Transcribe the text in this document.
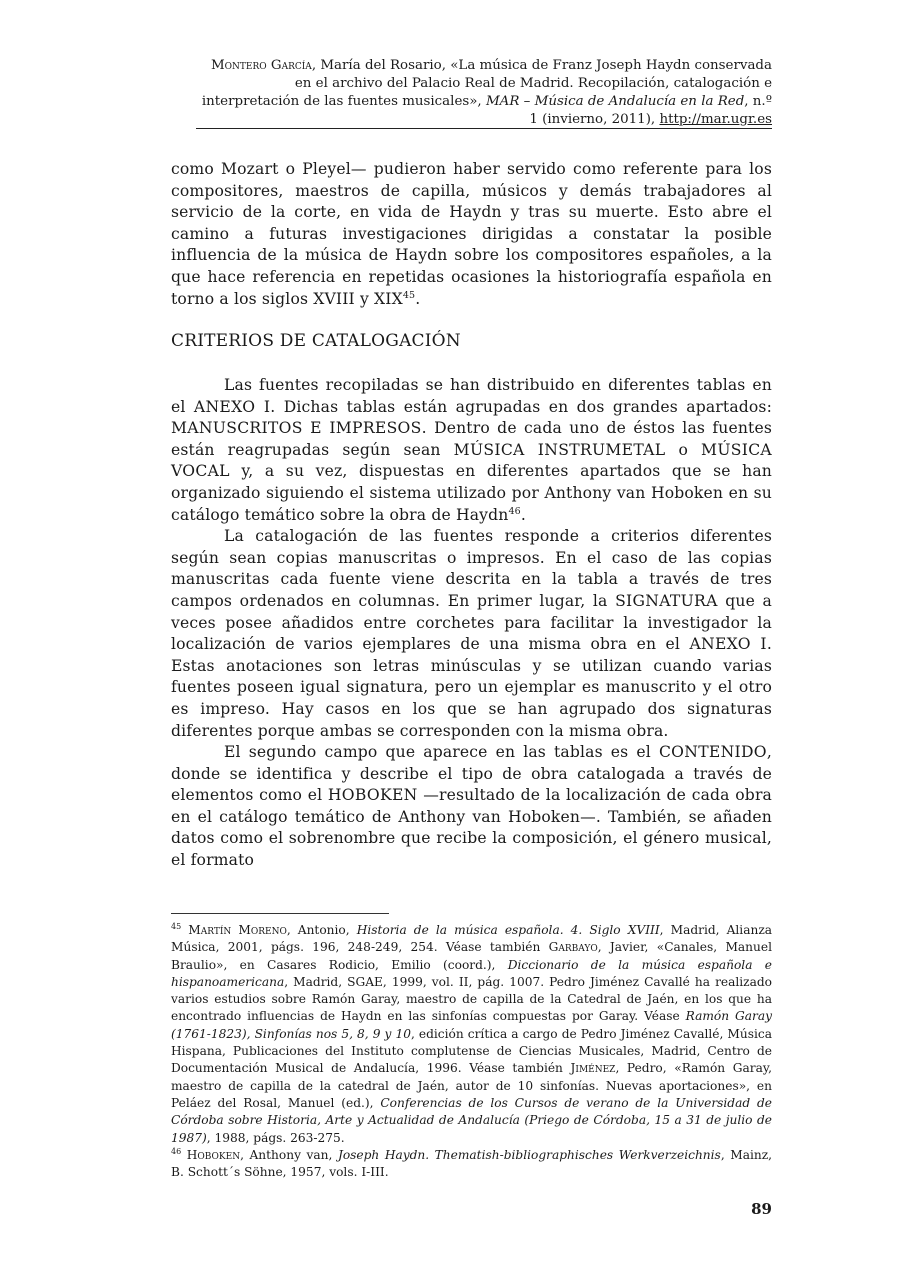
Montero García, María del Rosario, «La música de Franz Joseph Haydn conservada en el archivo del Palacio Real de Madrid. Recopilación, catalogación e interpretación de las fuentes musicales», MAR – Música de Andalucía en la Red, n.º 1 (invierno, 2011), http://mar.ugr.es
como Mozart o Pleyel— pudieron haber servido como referente para los compositores, maestros de capilla, músicos y demás trabajadores al servicio de la corte, en vida de Haydn y tras su muerte. Esto abre el camino a futuras investigaciones dirigidas a constatar la posible influencia de la música de Haydn sobre los compositores españoles, a la que hace referencia en repetidas ocasiones la historiografía española en torno a los siglos XVIII y XIX$^{45}$.
CRITERIOS DE CATALOGACIÓN

Las fuentes recopiladas se han distribuido en diferentes tablas en el ANEXO I. Dichas tablas están agrupadas en dos grandes apartados: MANUSCRITOS E IMPRESOS. Dentro de cada uno de éstos las fuentes están reagrupadas según sean MÚSICA INSTRUMETAL o MÚSICA VOCAL y, a su vez, dispuestas en diferentes apartados que se han organizado siguiendo el sistema utilizado por Anthony van Hoboken en su catálogo temático sobre la obra de Haydn$^{46}$.

La catalogación de las fuentes responde a criterios diferentes según sean copias manuscritas o impresos. En el caso de las copias manuscritas cada fuente viene descrita en la tabla a través de tres campos ordenados en columnas. En primer lugar, la SIGNATURA que a veces posee añadidos entre corchetes para facilitar la investigador la localización de varios ejemplares de una misma obra en el ANEXO I. Estas anotaciones son letras minúsculas y se utilizan cuando varias fuentes poseen igual signatura, pero un ejemplar es manuscrito y el otro es impreso. Hay casos en los que se han agrupado dos signaturas diferentes porque ambas se corresponden con la misma obra.

El segundo campo que aparece en las tablas es el CONTENIDO, donde se identifica y describe el tipo de obra catalogada a través de elementos como el HOBOKEN —resultado de la localización de cada obra en el catálogo temático de Anthony van Hoboken—. También, se añaden datos como el sobrenombre que recibe la composición, el género musical, el formato

$^{45}$ Martín Moreno, Antonio, Historia de la música española. 4. Siglo XVIII, Madrid, Alianza Música, 2001, págs. 196, 248-249, 254. Véase también Garbayo, Javier, «Canales, Manuel Braulio», en Casares Rodicio, Emilio (coord.), Diccionario de la música española e hispanoamericana, Madrid, SGAE, 1999, vol. II, pág. 1007. Pedro Jiménez Cavallé ha realizado varios estudios sobre Ramón Garay, maestro de capilla de la Catedral de Jaén, en los que ha encontrado influencias de Haydn en las sinfonías compuestas por Garay. Véase Ramón Garay (1761-1823), Sinfonías nos 5, 8, 9 y 10, edición crítica a cargo de Pedro Jiménez Cavallé, Música Hispana, Publicaciones del Instituto complutense de Ciencias Musicales, Madrid, Centro de Documentación Musical de Andalucía, 1996. Véase también Jiménez, Pedro, «Ramón Garay, maestro de capilla de la catedral de Jaén, autor de 10 sinfonías. Nuevas aportaciones», en Peláez del Rosal, Manuel (ed.), Conferencias de los Cursos de verano de la Universidad de Córdoba sobre Historia, Arte y Actualidad de Andalucía (Priego de Córdoba, 15 a 31 de julio de 1987), 1988, págs. 263-275.

$^{46}$ Hoboken, Anthony van, Joseph Haydn. Thematish-bibliographisches Werkverzeichnis, Mainz, B. Schott´s Söhne, 1957, vols. I-III.

89
